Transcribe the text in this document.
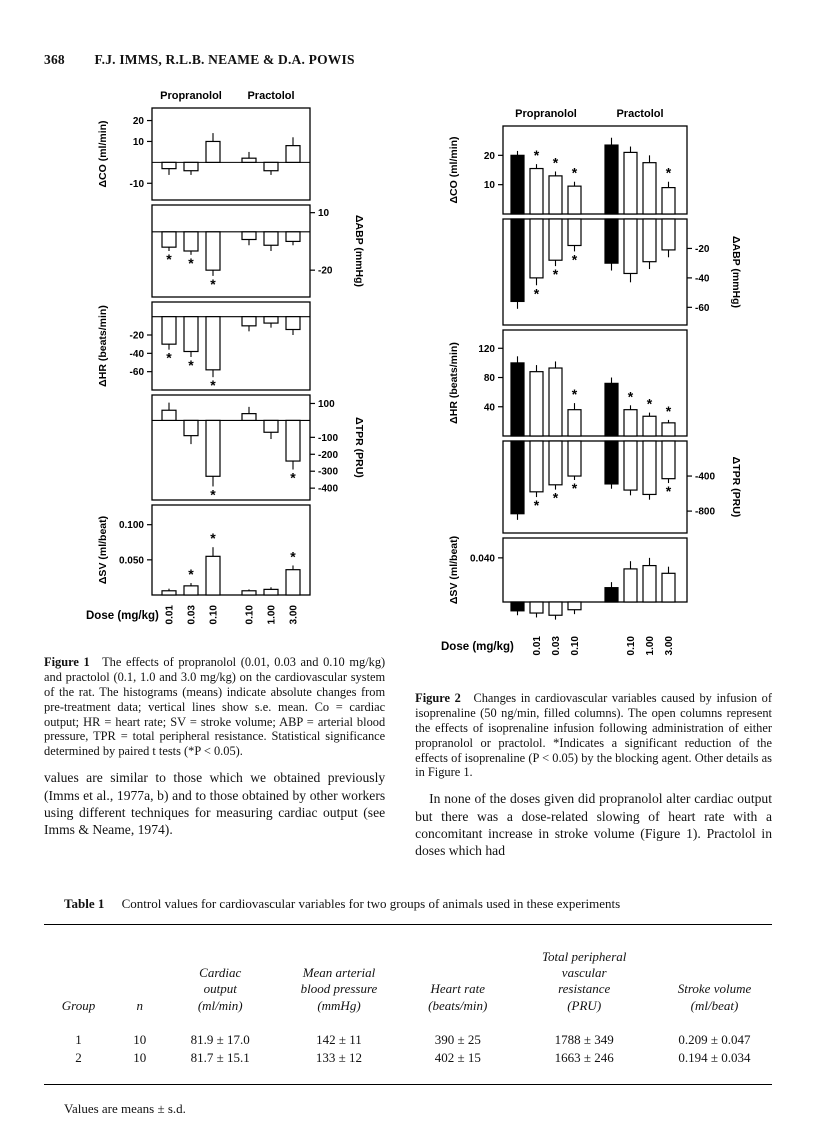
368 F.J. IMMS, R.L.B. NEAME & D.A. POWIS
Propranolol Practolol
20
10
-10
ΔCO (ml/min)
10
-20 ΔABP (mmHg)
* *
*
-20
-40
-60
ΔHR (beats/min)	* *
*
100
-100
-200
-300
-400
ΔTPR (PRU)
*
*
0.100
0.050
ΔSV (ml/beat)	*
*
*
0.01 0.03 0.10	0.10 1.00 3.00
Dose (mg/kg)

Figure 1 The effects of propranolol (0.01, 0.03 and 0.10 mg/kg) and practolol (0.1, 1.0 and 3.0 mg/kg) on the cardiovascular system of the rat. The histograms (means) indicate absolute changes from pre-treatment data; vertical lines show s.e. mean. Co = cardiac output; HR = heart rate; SV = stroke volume; ABP = arterial blood pressure, TPR = total peripheral resistance. Statistical significance determined by paired t tests (*P < 0.05).

values are similar to those which we obtained previously (Imms et al., 1977a, b) and to those obtained by other workers using different techniques for measuring cardiac output (see Imms & Neame, 1974).

Propranolol	Practolol
20
10
ΔCO (ml/min)	* *
*	*
-20
-40
-60
ΔABP (mmHg)
*
*
*
120
80
40
ΔHR (beats/min)	*	* * *
-400
-800 ΔTPR (PRU)
* *
*	*
0.040
ΔSV (ml/beat)
0.01 0.03 0.10	0.10 1.00 3.00
Dose (mg/kg)

Figure 2 Changes in cardiovascular variables caused by infusion of isoprenaline (50 ng/min, filled columns). The open columns represent the effects of isoprenaline infusion following administration of either propranolol or practolol. *Indicates a significant reduction of the effects of isoprenaline (P < 0.05) by the blocking agent. Other details as in Figure 1.

In none of the doses given did propranolol alter cardiac output but there was a dose-related slowing of heart rate with a concomitant increase in stroke volume (Figure 1). Practolol in doses which had

Table 1 Control values for cardiovascular variables for two groups of animals used in these experiments
Group	n

Cardiac
output
(ml/min)

Mean arterial
blood pressure
(mmHg)

Heart rate
(beats/min)

Total peripheral
vascular
resistance
(PRU)

Stroke volume
(ml/beat)

1	10	81.9 ± 17.0	142 ± 11	390 ± 25	1788 ± 349	0.209 ± 0.047
2	10	81.7 ± 15.1	133 ± 12	402 ± 15	1663 ± 246	0.194 ± 0.034
Values are means ± s.d.
